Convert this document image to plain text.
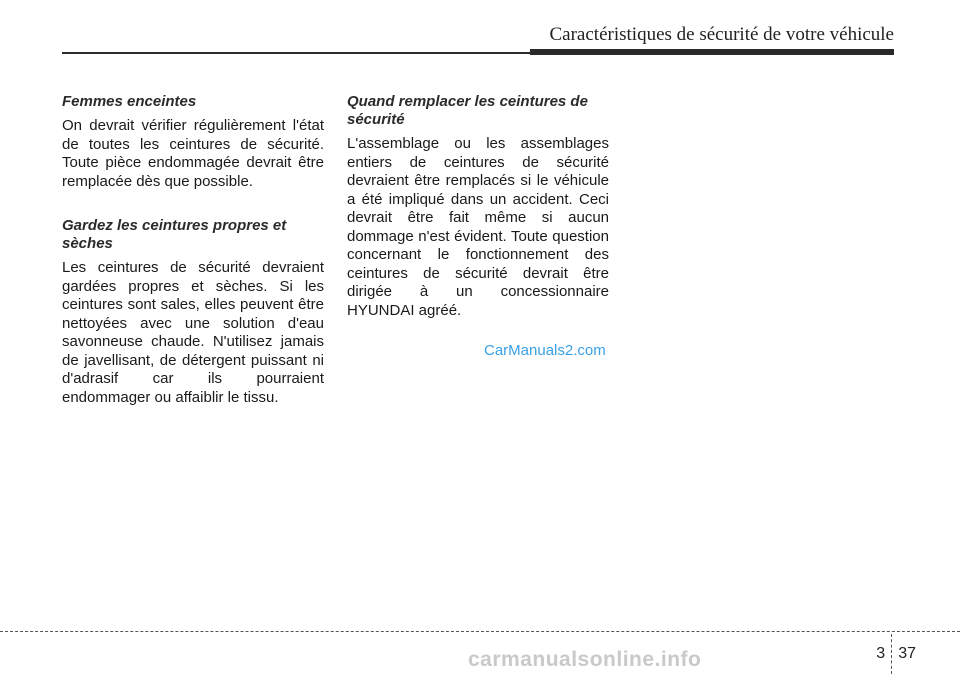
Caractéristiques de sécurité de votre véhicule
Femmes enceintes

On devrait vérifier régulièrement l'état de toutes les ceintures de sécurité. Toute pièce endommagée devrait être remplacée dès que possible.

Gardez les ceintures propres et sèches

Les ceintures de sécurité devraient gardées propres et sèches. Si les ceintures sont sales, elles peuvent être nettoyées avec une solution d'eau savonneuse chaude. N'utilisez jamais de javellisant, de détergent puissant ni d'adrasif car ils pourraient endommager ou affaiblir le tissu.

Quand remplacer les ceintures de sécurité

L'assemblage ou les assemblages entiers de ceintures de sécurité devraient être remplacés si le véhicule a été impliqué dans un accident. Ceci devrait être fait même si aucun dommage n'est évident. Toute question concernant le fonctionnement des ceintures de sécurité devrait être dirigée à un concessionnaire HYUNDAI agréé.

CarManuals2.com
3 37
carmanualsonline.info
